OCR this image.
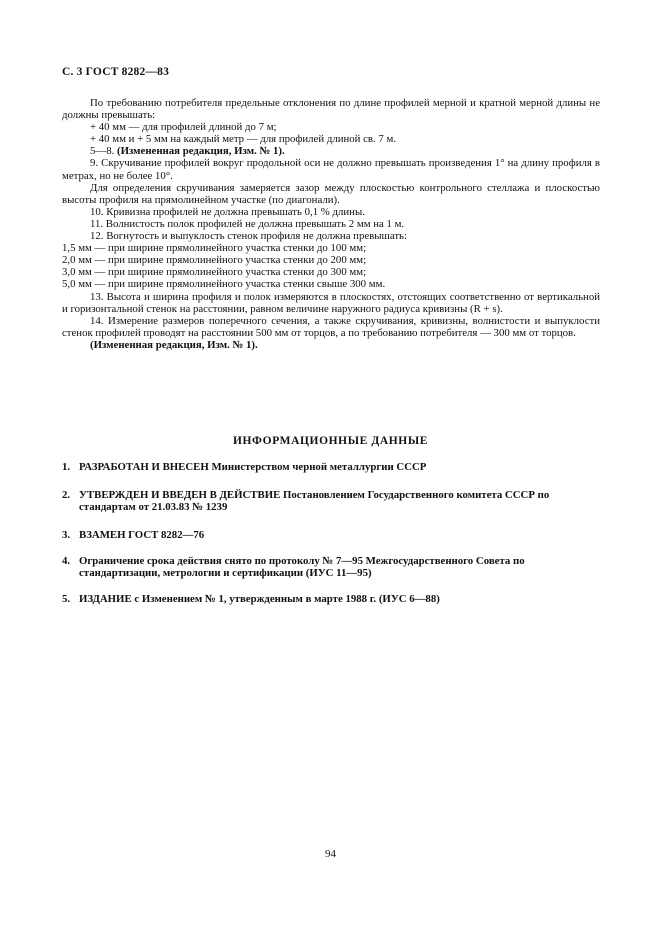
С. 3 ГОСТ 8282—83

По требованию потребителя предельные отклонения по длине профилей мерной и кратной мерной длины не должны превышать:

+ 40 мм — для профилей длиной до 7 м;

+ 40 мм и + 5 мм на каждый метр — для профилей длиной св. 7 м.

5—8. (Измененная редакция, Изм. № 1).

9. Скручивание профилей вокруг продольной оси не должно превышать произведения 1° на длину профиля в метрах, но не более 10°.

Для определения скручивания замеряется зазор между плоскостью контрольного стеллажа и плоскостью высоты профиля на прямолинейном участке (по диагонали).

10. Кривизна профилей не должна превышать 0,1 % длины.

11. Волнистость полок профилей не должна превышать 2 мм на 1 м.

12. Вогнутость и выпуклость стенок профиля не должна превышать:

1,5 мм — при ширине прямолинейного участка стенки до 100 мм;

2,0 мм — при ширине прямолинейного участка стенки до 200 мм;

3,0 мм — при ширине прямолинейного участка стенки до 300 мм;

5,0 мм — при ширине прямолинейного участка стенки свыше 300 мм.

13. Высота и ширина профиля и полок измеряются в плоскостях, отстоящих соответственно от вертикальной и горизонтальной стенок на расстоянии, равном величине наружного радиуса кривизны (R + s).

14. Измерение размеров поперечного сечения, а также скручивания, кривизны, волнистости и выпуклости стенок профилей проводят на расстоянии 500 мм от торцов, а по требованию потребителя — 300 мм от торцов.

(Измененная редакция, Изм. № 1).

ИНФОРМАЦИОННЫЕ ДАННЫЕ
1. РАЗРАБОТАН И ВНЕСЕН Министерством черной металлургии СССР
2. УТВЕРЖДЕН И ВВЕДЕН В ДЕЙСТВИЕ Постановлением Государственного комитета СССР по стандартам от 21.03.83 № 1239
3. ВЗАМЕН ГОСТ 8282—76
4. Ограничение срока действия снято по протоколу № 7—95 Межгосударственного Совета по стандартизации, метрологии и сертификации (ИУС 11—95)
5. ИЗДАНИЕ с Изменением № 1, утвержденным в марте 1988 г. (ИУС 6—88)
94
